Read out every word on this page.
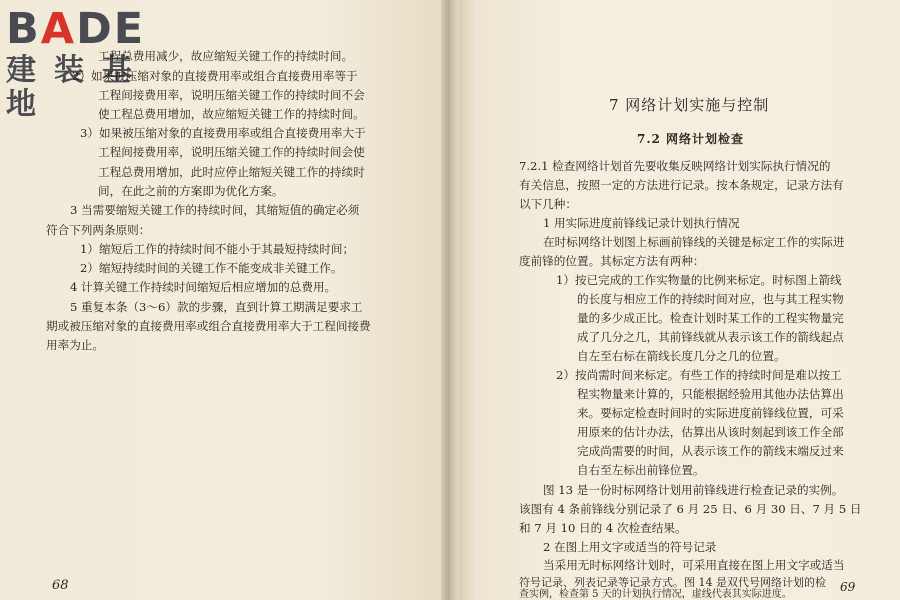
BADE
建装基地
工程总费用减少，故应缩短关键工作的持续时间。
2）如果被压缩对象的直接费用率或组合直接费用率等于
工程间接费用率，说明压缩关键工作的持续时间不会
使工程总费用增加，故应缩短关键工作的持续时间。
3）如果被压缩对象的直接费用率或组合直接费用率大于
工程间接费用率，说明压缩关键工作的持续时间会使
工程总费用增加，此时应停止缩短关键工作的持续时
间，在此之前的方案即为优化方案。
3 当需要缩短关键工作的持续时间，其缩短值的确定必须
符合下列两条原则：
1）缩短后工作的持续时间不能小于其最短持续时间；
2）缩短持续时间的关键工作不能变成非关键工作。
4 计算关键工作持续时间缩短后相应增加的总费用。
5 重复本条（3～6）款的步骤，直到计算工期满足要求工
期或被压缩对象的直接费用率或组合直接费用率大于工程间接费
用率为止。
68
7 网络计划实施与控制
7.2 网络计划检查
7.2.1 检查网络计划首先要收集反映网络计划实际执行情况的
有关信息，按照一定的方法进行记录。按本条规定，记录方法有
以下几种：
1 用实际进度前锋线记录计划执行情况
在时标网络计划图上标画前锋线的关键是标定工作的实际进
度前锋的位置。其标定方法有两种：
1）按已完成的工作实物量的比例来标定。时标图上箭线
的长度与相应工作的持续时间对应，也与其工程实物
量的多少成正比。检查计划时某工作的工程实物量完
成了几分之几，其前锋线就从表示该工作的箭线起点
自左至右标在箭线长度几分之几的位置。
2）按尚需时间来标定。有些工作的持续时间是难以按工
程实物量来计算的，只能根据经验用其他办法估算出
来。要标定检查时间时的实际进度前锋线位置，可采
用原来的估计办法，估算出从该时刻起到该工作全部
完成尚需要的时间，从表示该工作的箭线末端反过来
自右至左标出前锋位置。
图 13 是一份时标网络计划用前锋线进行检查记录的实例。
该图有 4 条前锋线分别记录了 6 月 25 日、6 月 30 日、7 月 5 日
和 7 月 10 日的 4 次检查结果。
2 在图上用文字或适当的符号记录
当采用无时标网络计划时，可采用直接在图上用文字或适当
符号记录、列表记录等记录方式。图 14 是双代号网络计划的检
查实例，检查第 5 天的计划执行情况，虚线代表其实际进度。
69
